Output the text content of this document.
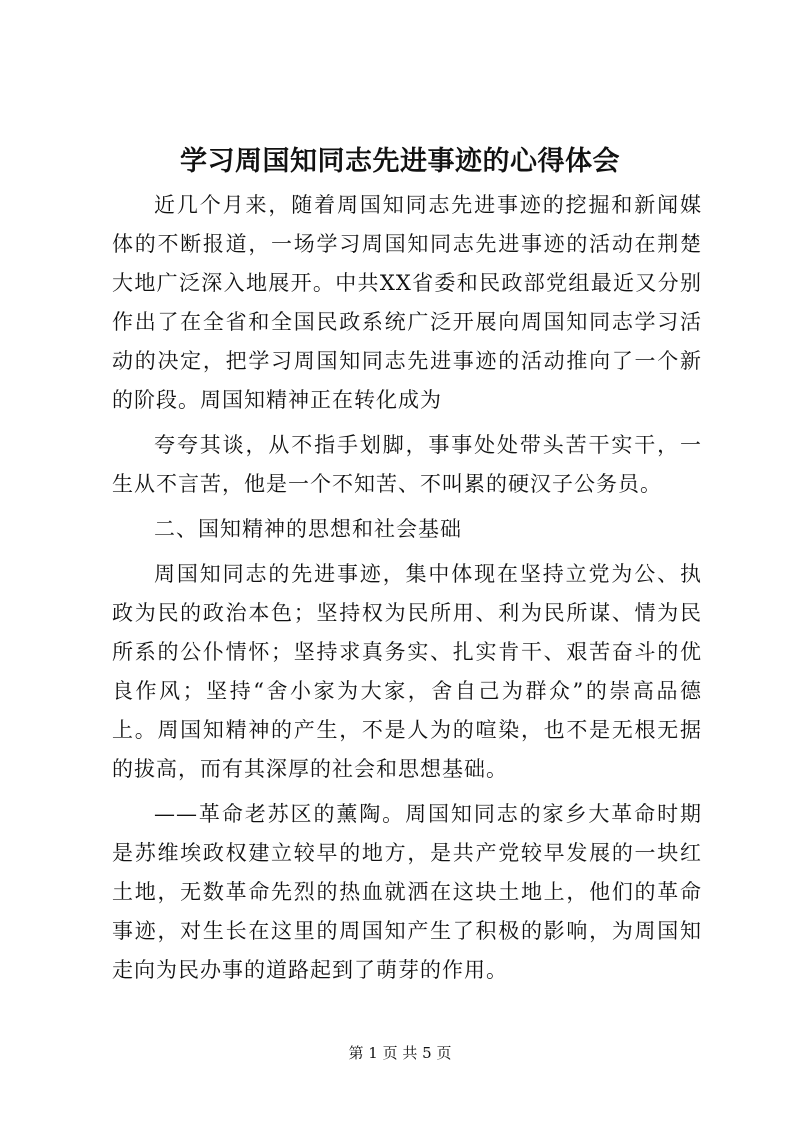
学习周国知同志先进事迹的心得体会

近几个月来，随着周国知同志先进事迹的挖掘和新闻媒体的不断报道，一场学习周国知同志先进事迹的活动在荆楚大地广泛深入地展开。中共XX省委和民政部党组最近又分别作出了在全省和全国民政系统广泛开展向周国知同志学习活动的决定，把学习周国知同志先进事迹的活动推向了一个新的阶段。周国知精神正在转化成为

夸夸其谈，从不指手划脚，事事处处带头苦干实干，一生从不言苦，他是一个不知苦、不叫累的硬汉子公务员。

二、国知精神的思想和社会基础

周国知同志的先进事迹，集中体现在坚持立党为公、执政为民的政治本色；坚持权为民所用、利为民所谋、情为民所系的公仆情怀；坚持求真务实、扎实肯干、艰苦奋斗的优良作风；坚持“舍小家为大家，舍自己为群众”的崇高品德上。周国知精神的产生，不是人为的喧染，也不是无根无据的拔高，而有其深厚的社会和思想基础。

——革命老苏区的薰陶。周国知同志的家乡大革命时期是苏维埃政权建立较早的地方，是共产党较早发展的一块红土地，无数革命先烈的热血就洒在这块土地上，他们的革命事迹，对生长在这里的周国知产生了积极的影响，为周国知走向为民办事的道路起到了萌芽的作用。

第 1 页 共 5 页
